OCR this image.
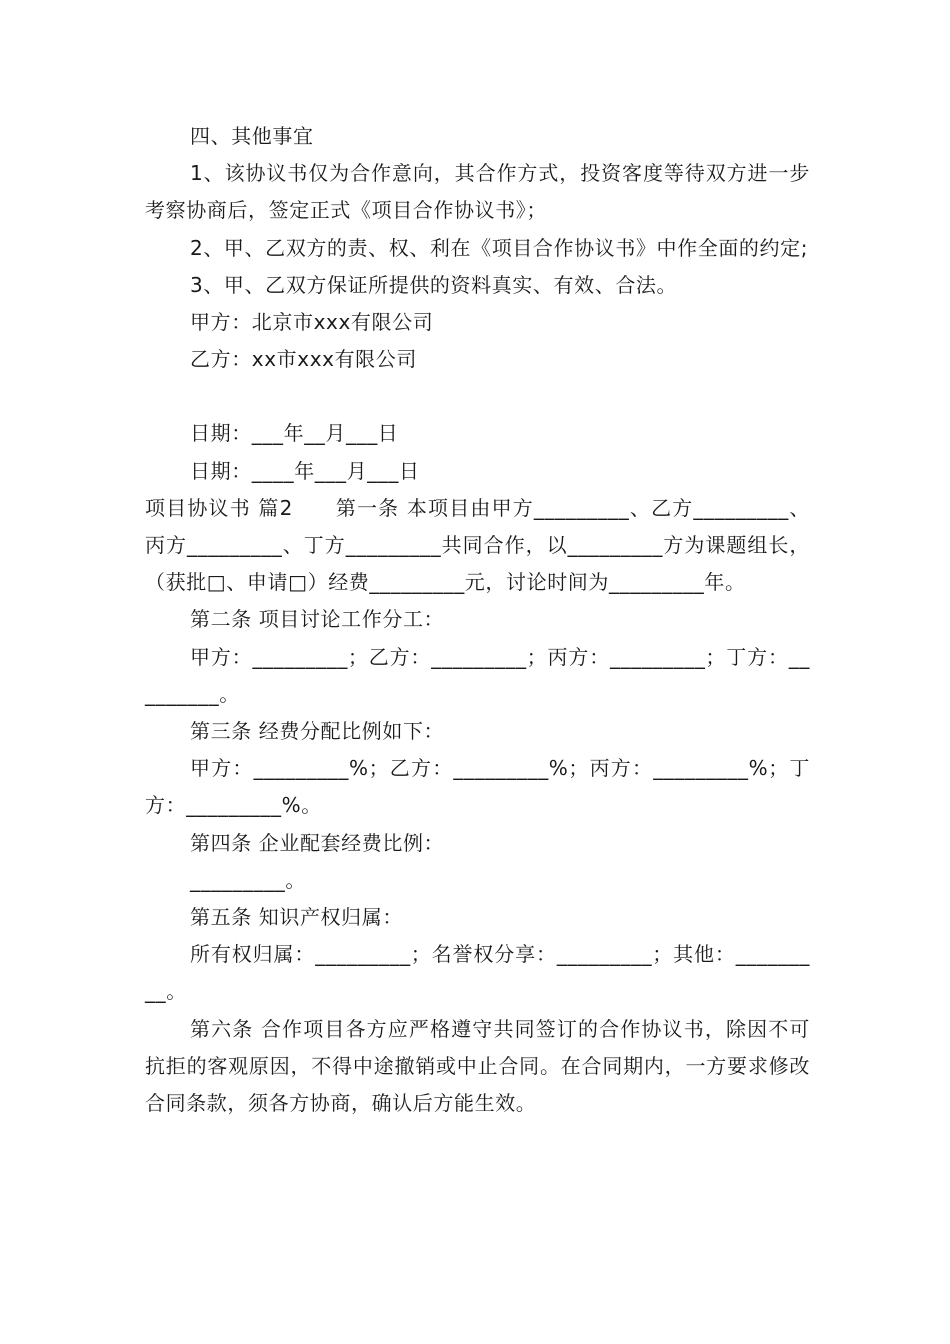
四、其他事宜

1、该协议书仅为合作意向，其合作方式，投资客度等待双方进一步考察协商后，签定正式《项目合作协议书》；

2、甲、乙双方的责、权、利在《项目合作协议书》中作全面的约定;

3、甲、乙双方保证所提供的资料真实、有效、合法。

甲方：北京市xxx有限公司

乙方：xx市xxx有限公司

日期：___年__月___日

日期：____年___月___日

项目协议书 篇2　　第一条 本项目由甲方_________、乙方_________、丙方_________、丁方_________共同合作，以_________方为课题组长，（获批□、申请□）经费_________元，讨论时间为_________年。

第二条 项目讨论工作分工：

甲方：_________；乙方：_________；丙方：_________；丁方：_________。

第三条 经费分配比例如下：

甲方：_________%；乙方：_________%；丙方：_________%；丁方：_________%。

第四条 企业配套经费比例：

_________。

第五条 知识产权归属：

所有权归属：_________；名誉权分享：_________；其他：_________。

第六条 合作项目各方应严格遵守共同签订的合作协议书，除因不可抗拒的客观原因，不得中途撤销或中止合同。在合同期内，一方要求修改合同条款，须各方协商，确认后方能生效。
